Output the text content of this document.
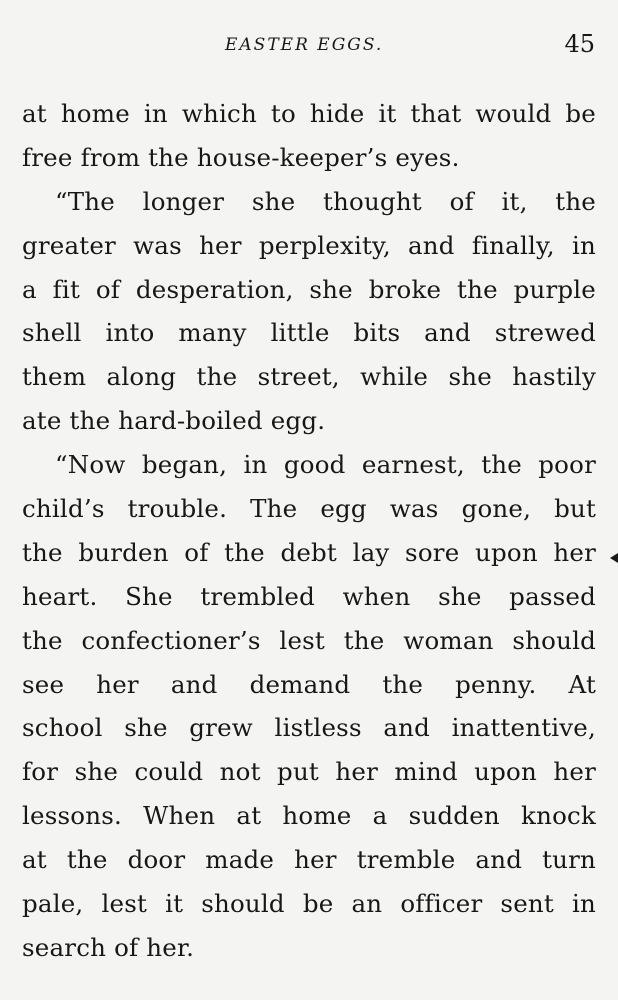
EASTER EGGS.	45
at home in which to hide it that would be
free from the house-keeper’s eyes.
“The longer she thought of it, the
greater was her perplexity, and finally, in
a fit of desperation, she broke the purple
shell into many little bits and strewed
them along the street, while she hastily
ate the hard-boiled egg.
“Now began, in good earnest, the poor
child’s trouble. The egg was gone, but
the burden of the debt lay sore upon her
heart. She trembled when she passed
the confectioner’s lest the woman should
see her and demand the penny. At
school she grew listless and inattentive,
for she could not put her mind upon her
lessons. When at home a sudden knock
at the door made her tremble and turn
pale, lest it should be an officer sent in
search of her.
